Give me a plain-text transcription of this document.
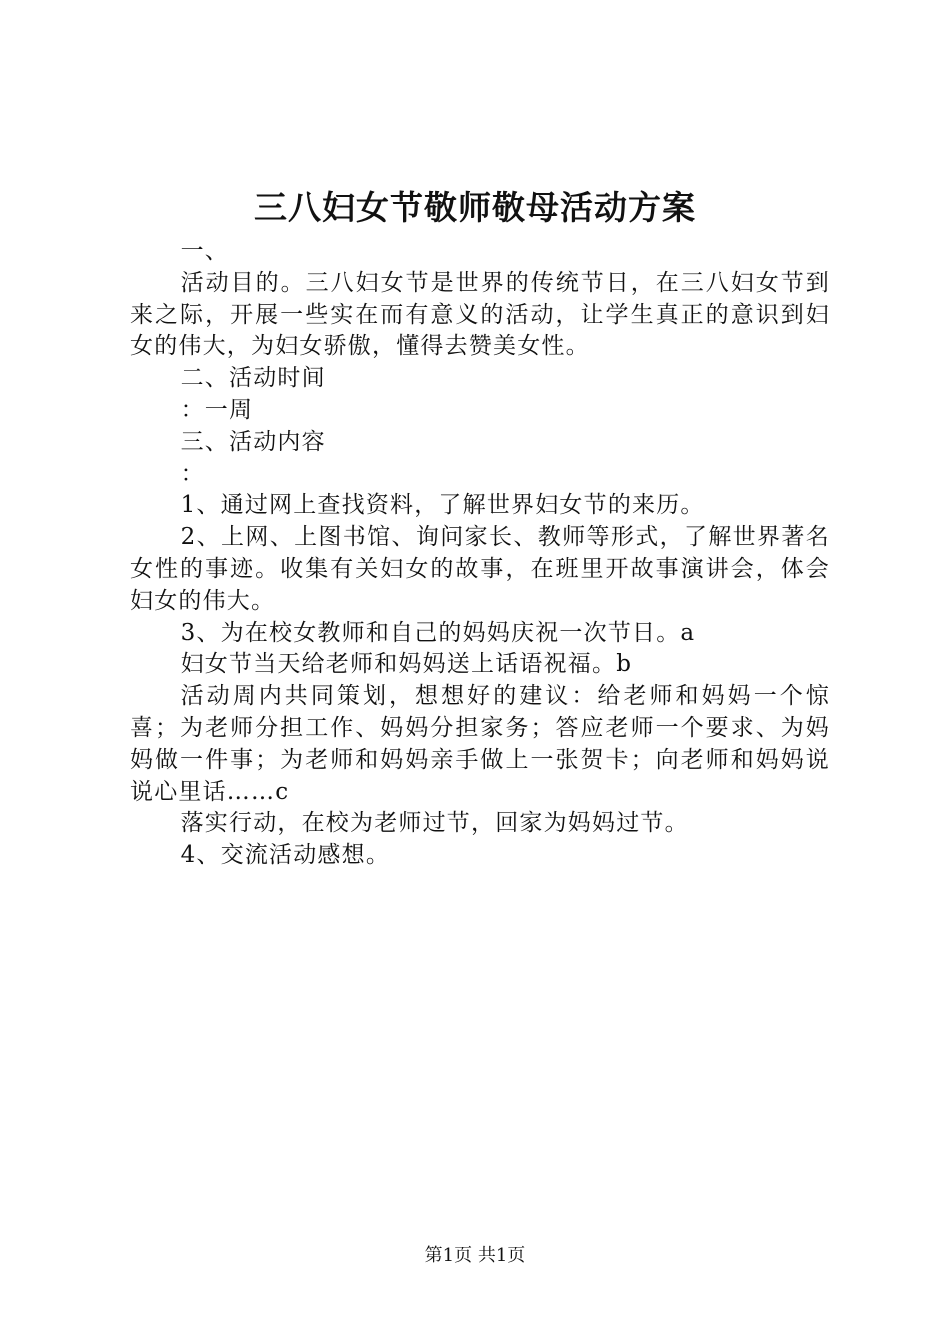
三八妇女节敬师敬母活动方案

一、

活动目的。三八妇女节是世界的传统节日，在三八妇女节到来之际，开展一些实在而有意义的活动，让学生真正的意识到妇女的伟大，为妇女骄傲，懂得去赞美女性。

二、活动时间

：一周

三、活动内容

：

1、通过网上查找资料，了解世界妇女节的来历。

2、上网、上图书馆、询问家长、教师等形式，了解世界著名女性的事迹。收集有关妇女的故事，在班里开故事演讲会，体会妇女的伟大。

3、为在校女教师和自己的妈妈庆祝一次节日。a

妇女节当天给老师和妈妈送上话语祝福。b

活动周内共同策划，想想好的建议：给老师和妈妈一个惊喜；为老师分担工作、妈妈分担家务；答应老师一个要求、为妈妈做一件事；为老师和妈妈亲手做上一张贺卡；向老师和妈妈说说心里话……c

落实行动，在校为老师过节，回家为妈妈过节。

4、交流活动感想。

第1页 共1页
